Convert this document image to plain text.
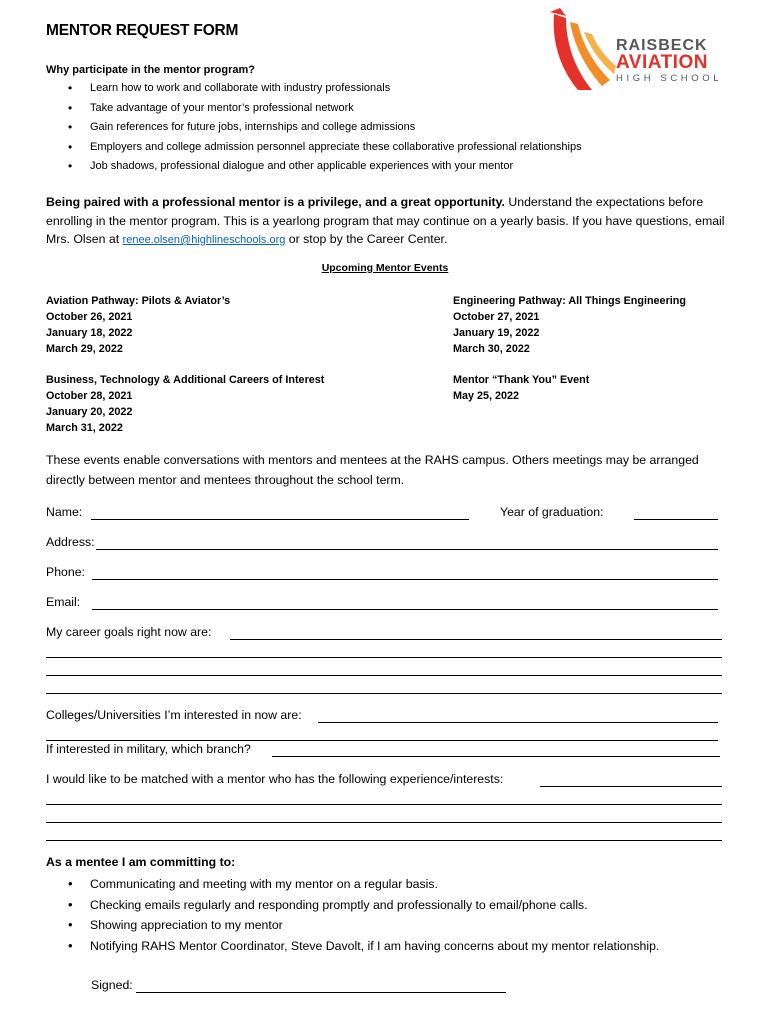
MENTOR REQUEST FORM
RAISBECK
AVIATION
HIGH SCHOOL
Why participate in the mentor program?
• Learn how to work and collaborate with industry professionals
• Take advantage of your mentor’s professional network
• Gain references for future jobs, internships and college admissions
• Employers and college admission personnel appreciate these collaborative professional relationships
• Job shadows, professional dialogue and other applicable experiences with your mentor
Being paired with a professional mentor is a privilege, and a great opportunity. Understand the expectations before enrolling in the mentor program. This is a yearlong program that may continue on a yearly basis. If you have questions, email Mrs. Olsen at renee.olsen@highlineschools.org or stop by the Career Center.
Upcoming Mentor Events
Aviation Pathway: Pilots & Aviator’s
October 26, 2021
January 18, 2022
March 29, 2022
Engineering Pathway: All Things Engineering
October 27, 2021
January 19, 2022
March 30, 2022
Business, Technology & Additional Careers of Interest
October 28, 2021
January 20, 2022
March 31, 2022
Mentor “Thank You” Event
May 25, 2022
These events enable conversations with mentors and mentees at the RAHS campus. Others meetings may be arranged directly between mentor and mentees throughout the school term.
Name:	Year of graduation:
Address:
Phone:
Email:
My career goals right now are:
Colleges/Universities I’m interested in now are:
If interested in military, which branch?
I would like to be matched with a mentor who has the following experience/interests:
As a mentee I am committing to:
• Communicating and meeting with my mentor on a regular basis.
• Checking emails regularly and responding promptly and professionally to email/phone calls.
• Showing appreciation to my mentor
• Notifying RAHS Mentor Coordinator, Steve Davolt, if I am having concerns about my mentor relationship.
Signed:
